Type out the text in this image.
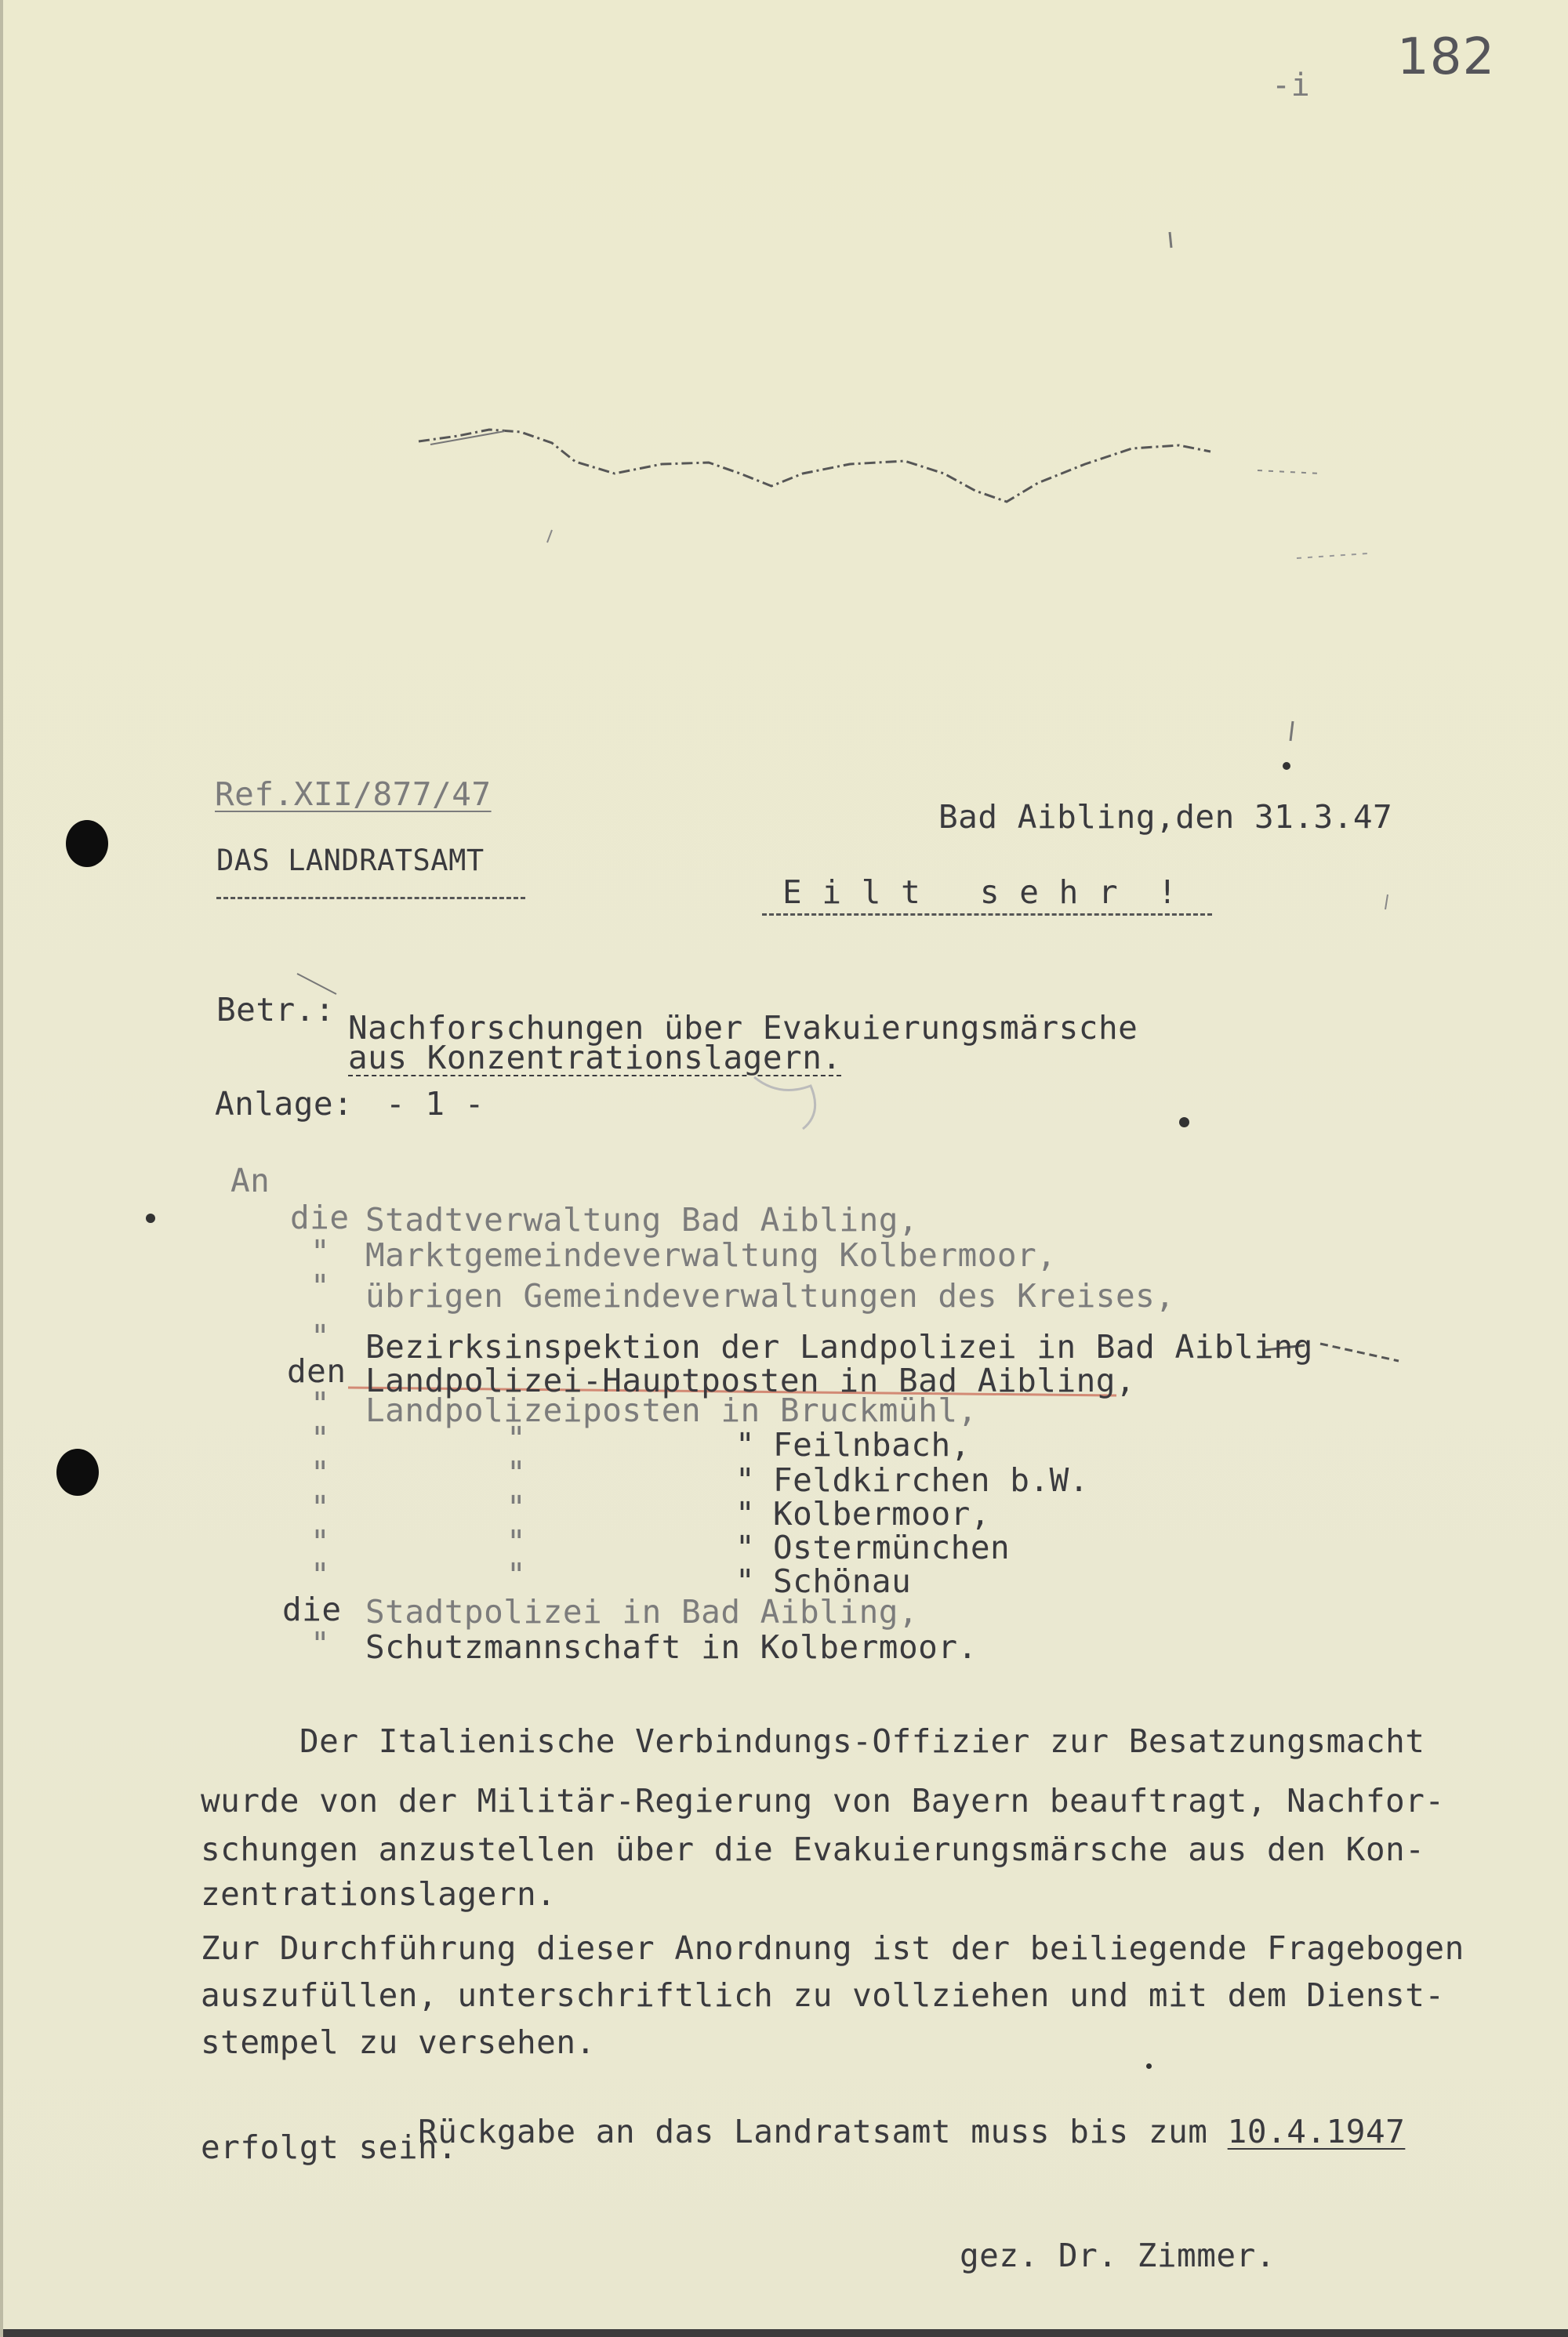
-i 182
Ref.XII/877/47
DAS LANDRATSAMT
Bad Aibling,den 31.3.47
E i l t   s e h r  !
Betr.: Nachforschungen über Evakuierungsmärsche
aus Konzentrationslagern.
Anlage: - 1 -
An
die Stadtverwaltung Bad Aibling,
" Marktgemeindeverwaltung Kolbermoor,
" übrigen Gemeindeverwaltungen des Kreises,
" Bezirksinspektion der Landpolizei in Bad Aibling
den Landpolizei-Hauptposten in Bad Aibling,
" Landpolizeiposten in Bruckmühl,
"	"	" Feilnbach,
"	"	" Feldkirchen b.W.
"	"	" Kolbermoor,
"	"	" Ostermünchen
"	"	" Schönau
die Stadtpolizei in Bad Aibling,
" Schutzmannschaft in Kolbermoor.
Der Italienische Verbindungs-Offizier zur Besatzungsmacht
wurde von der Militär-Regierung von Bayern beauftragt, Nachfor-
schungen anzustellen über die Evakuierungsmärsche aus den Kon-
zentrationslagern.
Zur Durchführung dieser Anordnung ist der beiliegende Fragebogen
auszufüllen, unterschriftlich zu vollziehen und mit dem Dienst-
stempel zu versehen.

Rückgabe an das Landratsamt muss bis zum 10.4.1947

erfolgt sein.
gez. Dr. Zimmer.
